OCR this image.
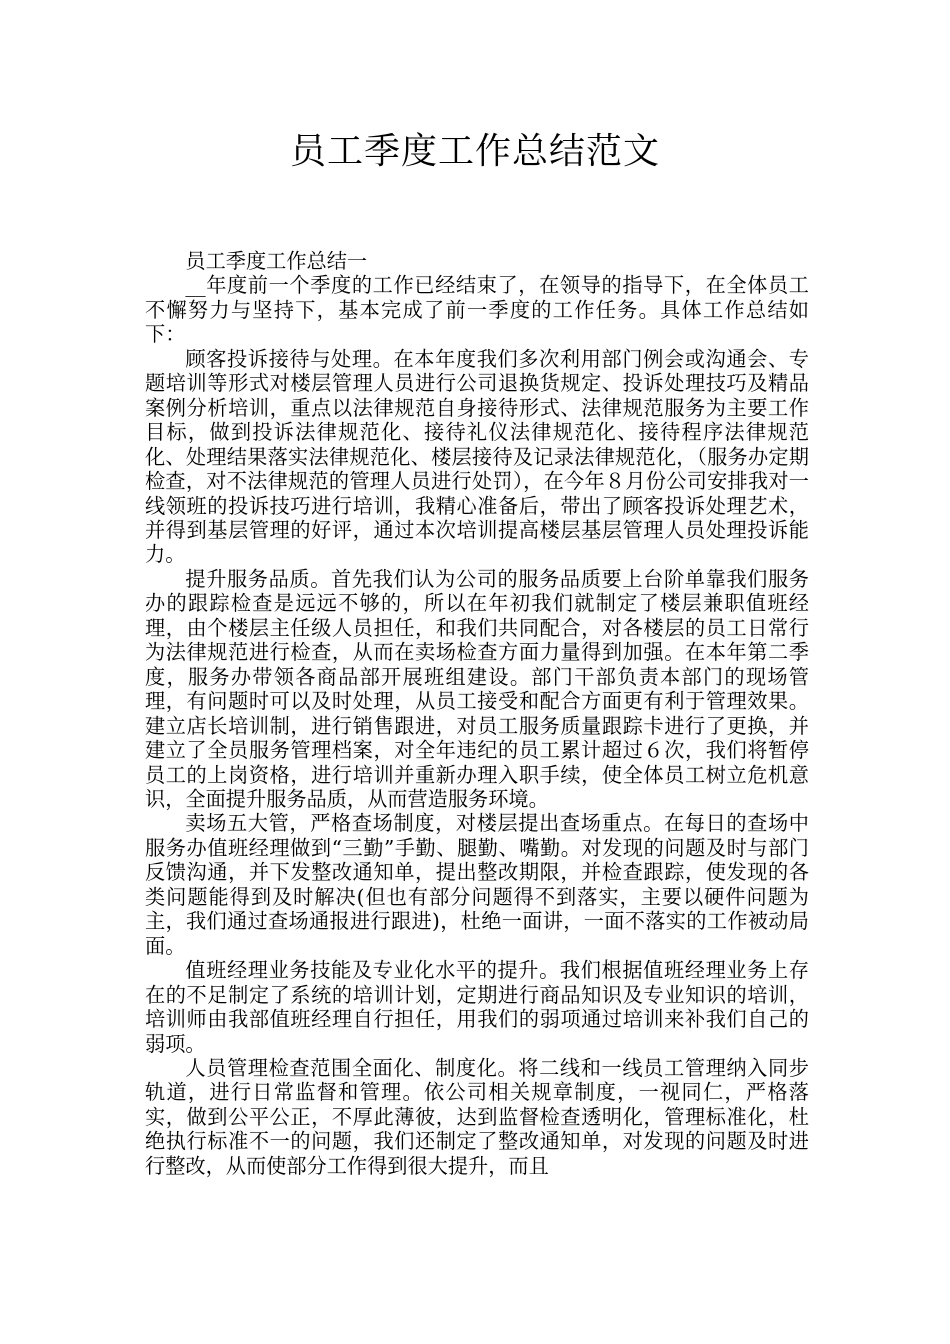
员工季度工作总结范文

员工季度工作总结一

__年度前一个季度的工作已经结束了，在领导的指导下，在全体员工不懈努力与坚持下，基本完成了前一季度的工作任务。具体工作总结如下：

顾客投诉接待与处理。在本年度我们多次利用部门例会或沟通会、专题培训等形式对楼层管理人员进行公司退换货规定、投诉处理技巧及精品案例分析培训，重点以法律规范自身接待形式、法律规范服务为主要工作目标，做到投诉法律规范化、接待礼仪法律规范化、接待程序法律规范化、处理结果落实法律规范化、楼层接待及记录法律规范化，（服务办定期检查，对不法律规范的管理人员进行处罚），在今年８月份公司安排我对一线领班的投诉技巧进行培训，我精心准备后，带出了顾客投诉处理艺术，并得到基层管理的好评，通过本次培训提高楼层基层管理人员处理投诉能力。

提升服务品质。首先我们认为公司的服务品质要上台阶单靠我们服务办的跟踪检查是远远不够的，所以在年初我们就制定了楼层兼职值班经理，由个楼层主任级人员担任，和我们共同配合，对各楼层的员工日常行为法律规范进行检查，从而在卖场检查方面力量得到加强。在本年第二季度，服务办带领各商品部开展班组建设。部门干部负责本部门的现场管理，有问题时可以及时处理，从员工接受和配合方面更有利于管理效果。建立店长培训制，进行销售跟进，对员工服务质量跟踪卡进行了更换，并建立了全员服务管理档案，对全年违纪的员工累计超过６次，我们将暂停员工的上岗资格，进行培训并重新办理入职手续，使全体员工树立危机意识，全面提升服务品质，从而营造服务环境。

卖场五大管，严格查场制度，对楼层提出查场重点。在每日的查场中服务办值班经理做到“三勤”手勤、腿勤、嘴勤。对发现的问题及时与部门反馈沟通，并下发整改通知单，提出整改期限，并检查跟踪，使发现的各类问题能得到及时解决(但也有部分问题得不到落实，主要以硬件问题为主，我们通过查场通报进行跟进)，杜绝一面讲，一面不落实的工作被动局面。

值班经理业务技能及专业化水平的提升。我们根据值班经理业务上存在的不足制定了系统的培训计划，定期进行商品知识及专业知识的培训，培训师由我部值班经理自行担任，用我们的弱项通过培训来补我们自己的弱项。

人员管理检查范围全面化、制度化。将二线和一线员工管理纳入同步轨道，进行日常监督和管理。依公司相关规章制度，一视同仁，严格落实，做到公平公正，不厚此薄彼，达到监督检查透明化，管理标准化，杜绝执行标准不一的问题，我们还制定了整改通知单，对发现的问题及时进行整改，从而使部分工作得到很大提升，而且
